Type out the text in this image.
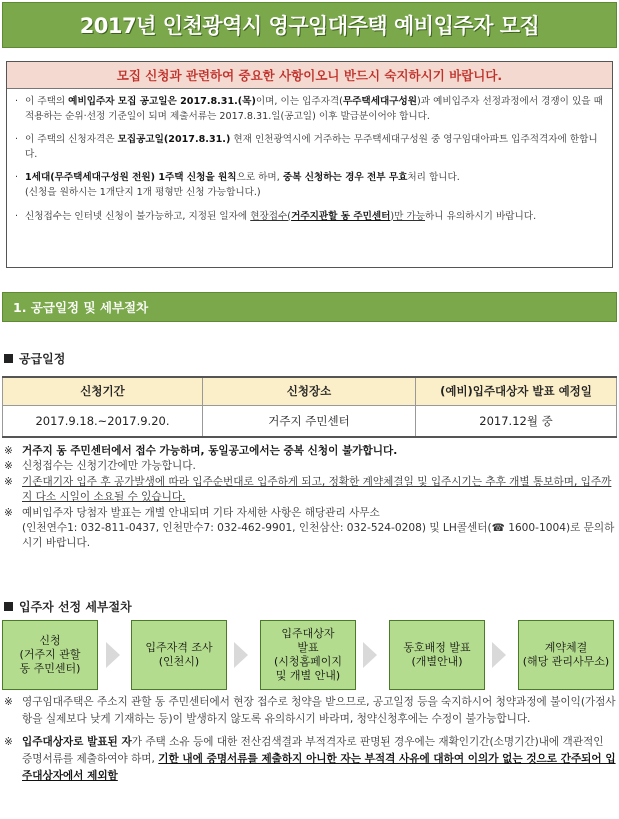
2017년 인천광역시 영구임대주택 예비입주자 모집
모집 신청과 관련하여 중요한 사항이오니 반드시 숙지하시기 바랍니다.
· 이 주택의 예비입주자 모집 공고일은 2017.8.31.(목)이며, 이는 입주자격(무주택세대구성원)과 예비입주자 선정과정에서 경쟁이 있을 때 적용하는 순위·선정 기준일이 되며 제출서류는 2017.8.31.일(공고일) 이후 발급분이어야 합니다.
· 이 주택의 신청자격은 모집공고일(2017.8.31.) 현재 인천광역시에 거주하는 무주택세대구성원 중 영구임대아파트 입주적격자에 한합니다.
· 1세대(무주택세대구성원 전원) 1주택 신청을 원칙으로 하며, 중복 신청하는 경우 전부 무효처리 합니다.
(신청을 원하시는 1개단지 1개 평형만 신청 가능합니다.)
· 신청접수는 인터넷 신청이 불가능하고, 지정된 일자에 현장접수(거주지관할 동 주민센터)만 가능하니 유의하시기 바랍니다.
1. 공급일정 및 세부절차
공급일정
신청기간	신청장소	(예비)입주대상자 발표 예정일
2017.9.18.~2017.9.20.	거주지 주민센터	2017.12월 중
※ 거주지 동 주민센터에서 접수 가능하며, 동일공고에서는 중복 신청이 불가합니다.
※ 신청접수는 신청기간에만 가능합니다.
※ 기존대기자 입주 후 공가발생에 따라 입주순번대로 입주하게 되고, 정확한 계약체결일 및 입주시기는 추후 개별 통보하며, 입주까지 다소 시일이 소요될 수 있습니다.
※ 예비입주자 당첨자 발표는 개별 안내되며 기타 자세한 사항은 해당관리 사무소
(인천연수1: 032-811-0437, 인천만수7: 032-462-9901, 인천삼산: 032-524-0208) 및 LH콜센터(☎ 1600-1004)로 문의하시기 바랍니다.
입주자 선정 세부절차
신청
(거주지 관할
동 주민센터)
입주자격 조사
(인천시)
입주대상자
발표
(시청홈페이지
및 개별 안내)
동호배정 발표
(개별안내)
계약체결
(해당 관리사무소)
※ 영구임대주택은 주소지 관할 동 주민센터에서 현장 접수로 청약을 받으므로, 공고일정 등을 숙지하시어 청약과정에 불이익(가점사항을 실제보다 낮게 기재하는 등)이 발생하지 않도록 유의하시기 바라며, 청약신청후에는 수정이 불가능합니다.
※ 입주대상자로 발표된 자가 주택 소유 등에 대한 전산검색결과 부적격자로 판명된 경우에는 재확인기간(소명기간)내에 객관적인 증명서류를 제출하여야 하며, 기한 내에 증명서류를 제출하지 아니한 자는 부적격 사유에 대하여 이의가 없는 것으로 간주되어 입주대상자에서 제외함
